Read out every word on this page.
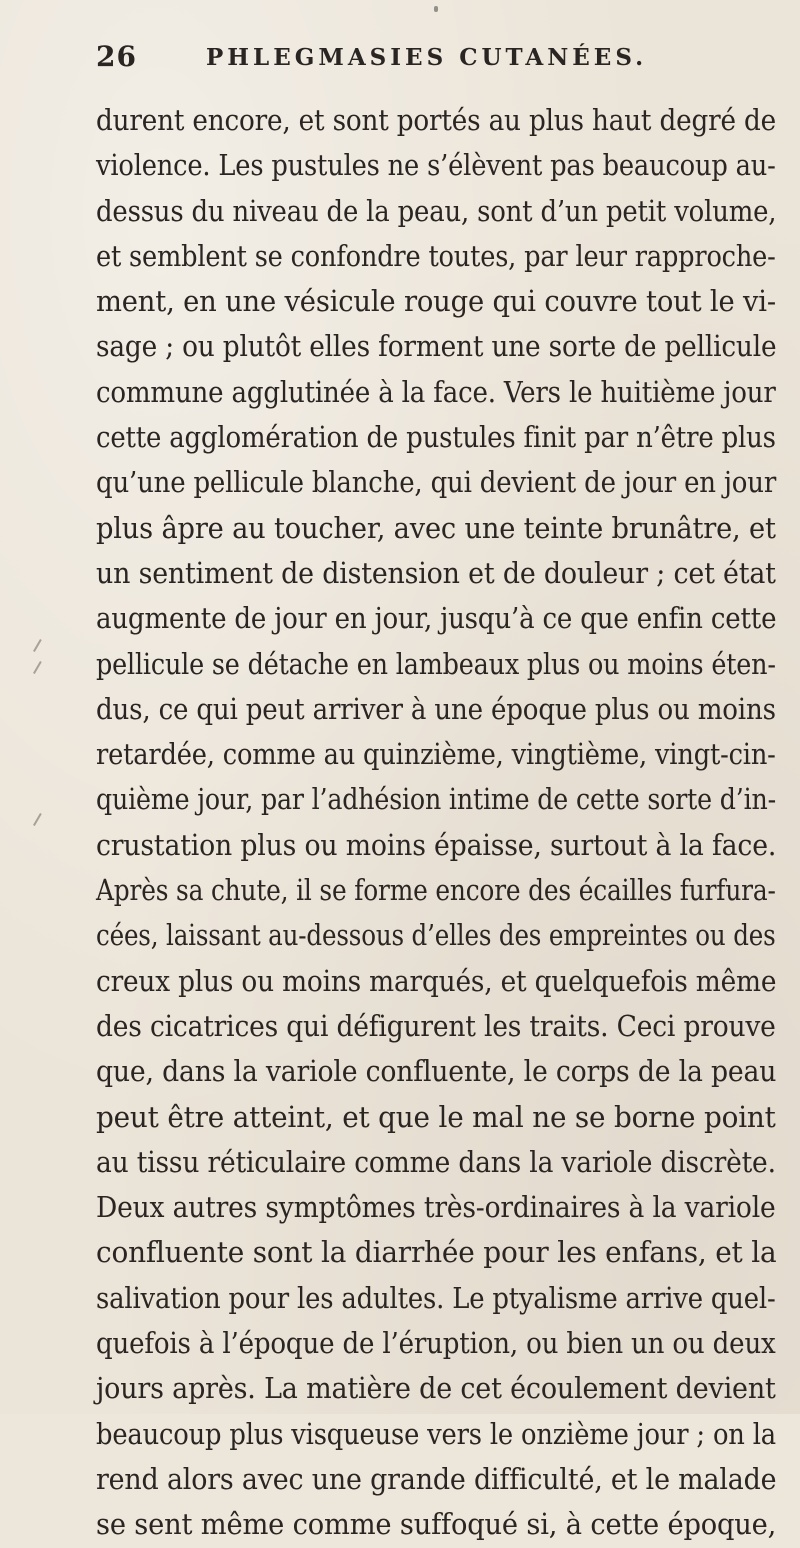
26	PHLEGMASIES CUTANÉES.
durent encore, et sont portés au plus haut degré de
violence. Les pustules ne s’élèvent pas beaucoup au-
dessus du niveau de la peau, sont d’un petit volume,
et semblent se confondre toutes, par leur rapproche-
ment, en une vésicule rouge qui couvre tout le vi-
sage ; ou plutôt elles forment une sorte de pellicule
commune agglutinée à la face. Vers le huitième jour
cette agglomération de pustules finit par n’être plus
qu’une pellicule blanche, qui devient de jour en jour
plus âpre au toucher, avec une teinte brunâtre, et
un sentiment de distension et de douleur ; cet état
augmente de jour en jour, jusqu’à ce que enfin cette
pellicule se détache en lambeaux plus ou moins éten-
dus, ce qui peut arriver à une époque plus ou moins
retardée, comme au quinzième, vingtième, vingt-cin-
quième jour, par l’adhésion intime de cette sorte d’in-
crustation plus ou moins épaisse, surtout à la face.
Après sa chute, il se forme encore des écailles furfura-
cées, laissant au-dessous d’elles des empreintes ou des
creux plus ou moins marqués, et quelquefois même
des cicatrices qui défigurent les traits. Ceci prouve
que, dans la variole confluente, le corps de la peau
peut être atteint, et que le mal ne se borne point
au tissu réticulaire comme dans la variole discrète.
Deux autres symptômes très-ordinaires à la variole
confluente sont la diarrhée pour les enfans, et la
salivation pour les adultes. Le ptyalisme arrive quel-
quefois à l’époque de l’éruption, ou bien un ou deux
jours après. La matière de cet écoulement devient
beaucoup plus visqueuse vers le onzième jour ; on la
rend alors avec une grande difficulté, et le malade
se sent même comme suffoqué si, à cette époque,
